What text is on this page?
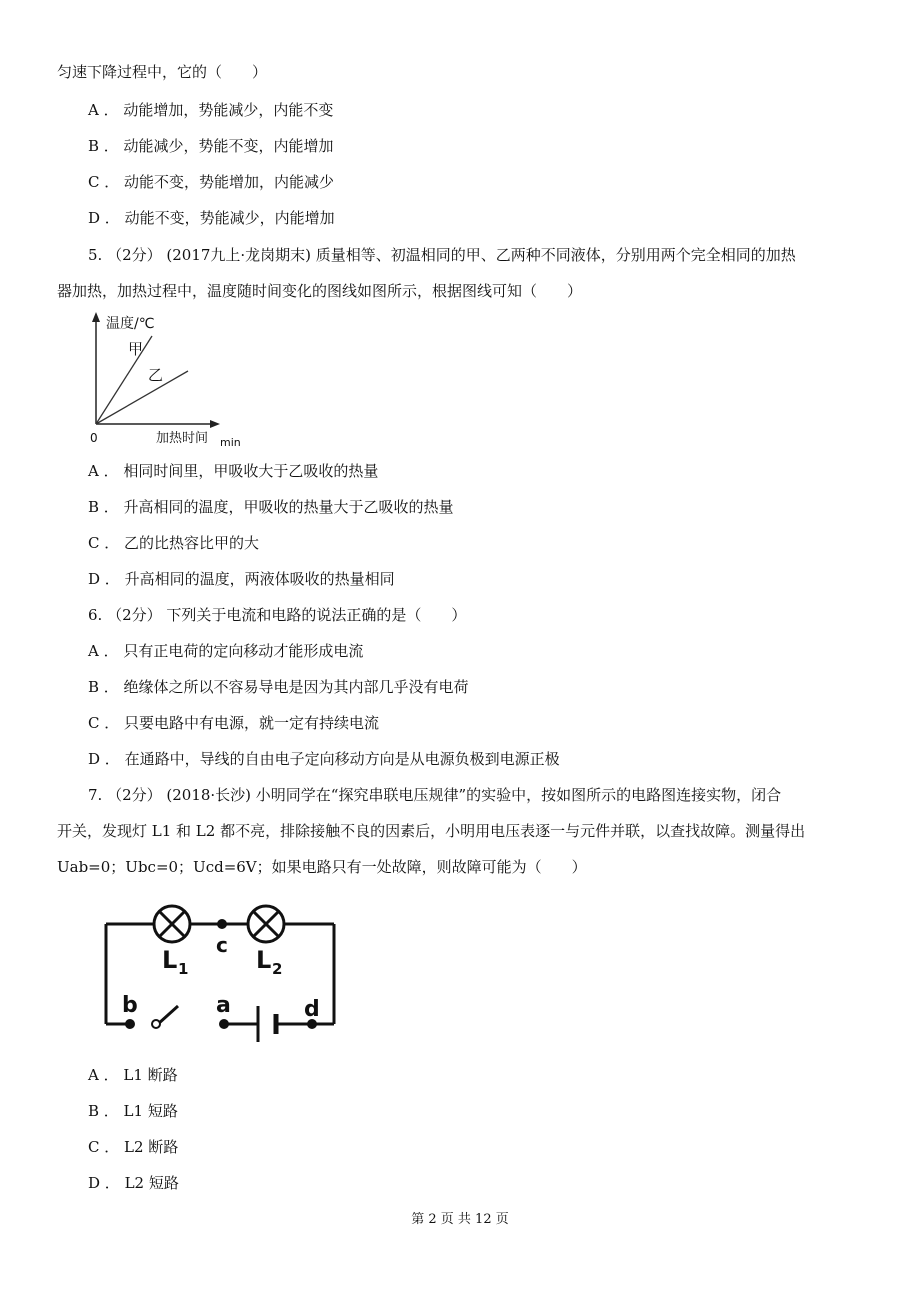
匀速下降过程中，它的（　　）
A ． 动能增加，势能减少，内能不变
B ． 动能减少，势能不变，内能增加
C ． 动能不变，势能增加，内能减少
D ． 动能不变，势能减少，内能增加
5. （2分） (2017九上·龙岗期末) 质量相等、初温相同的甲、乙两种不同液体，分别用两个完全相同的加热
器加热，加热过程中，温度随时间变化的图线如图所示，根据图线可知（　　）
温度/℃
甲
乙
0	加热时间 min
A ． 相同时间里，甲吸收大于乙吸收的热量
B ． 升高相同的温度，甲吸收的热量大于乙吸收的热量
C ． 乙的比热容比甲的大
D ． 升高相同的温度，两液体吸收的热量相同
6. （2分） 下列关于电流和电路的说法正确的是（　　）
A ． 只有正电荷的定向移动才能形成电流
B ． 绝缘体之所以不容易导电是因为其内部几乎没有电荷
C ． 只要电路中有电源，就一定有持续电流
D ． 在通路中，导线的自由电子定向移动方向是从电源负极到电源正极
7. （2分） (2018·长沙) 小明同学在“探究串联电压规律”的实验中，按如图所示的电路图连接实物，闭合
开关，发现灯 L1 和 L2 都不亮，排除接触不良的因素后，小明用电压表逐一与元件并联，以查找故障。测量得出
Uab=0；Ubc=0；Ucd=6V；如果电路只有一处故障，则故障可能为（　　）
c
L 1	L 2
b	a	d
A ． L1 断路
B ． L1 短路
C ． L2 断路
D ． L2 短路
第 2 页 共 12 页
